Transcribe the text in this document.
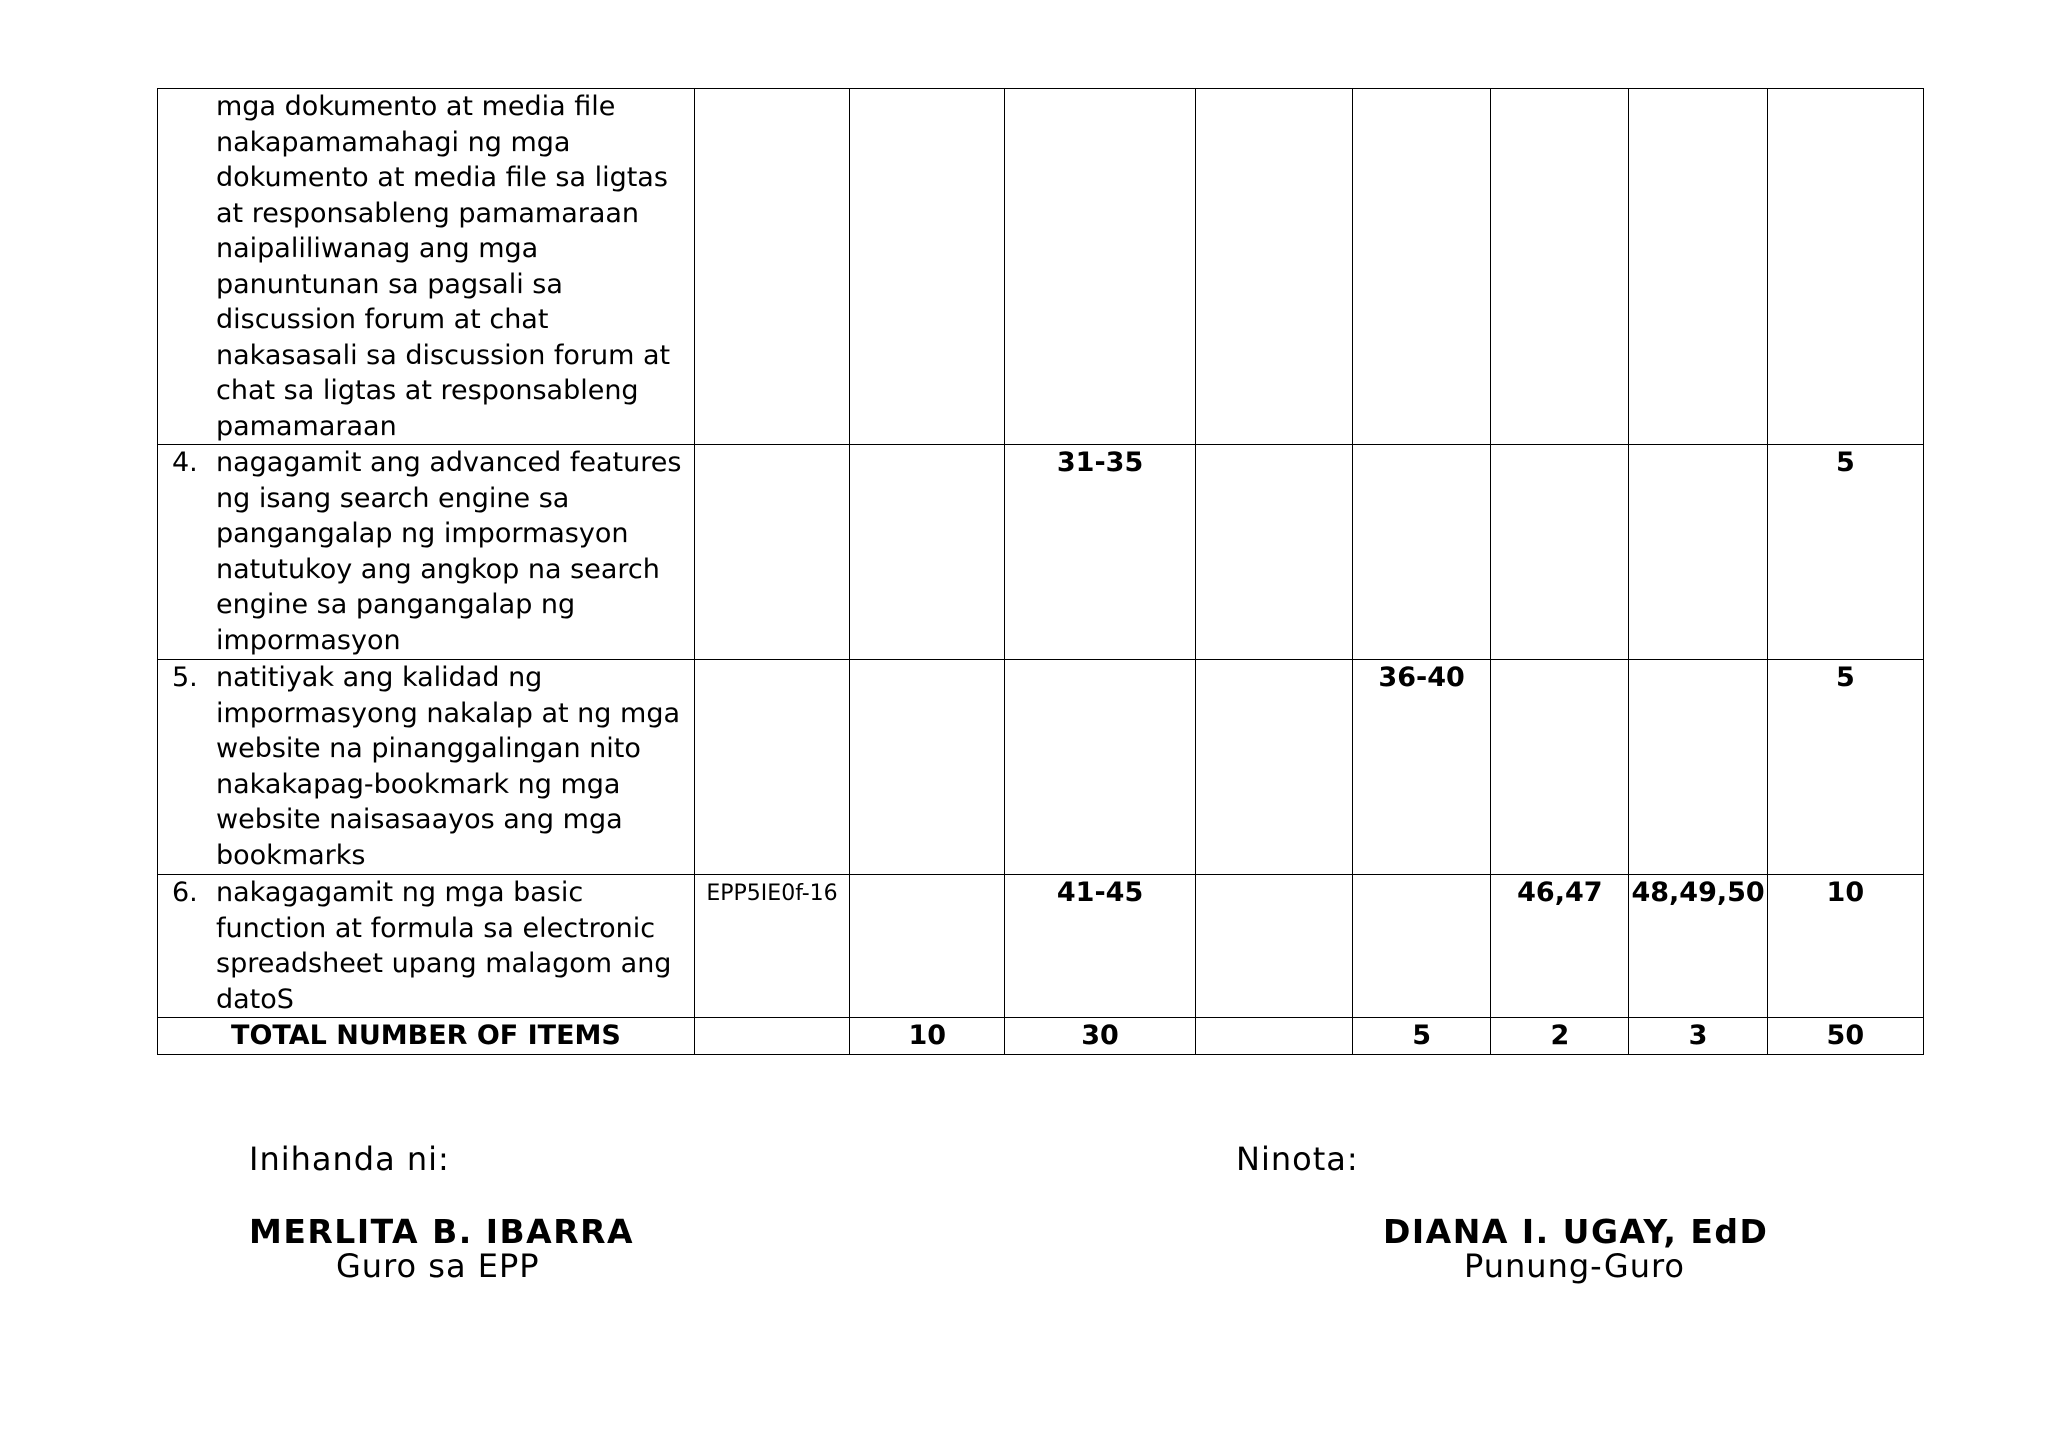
mga dokumento at media file nakapamamahagi ng mga dokumento at media file sa ligtas at responsableng pamamaraan naipaliliwanag ang mga panuntunan sa pagsali sa discussion forum at chat nakasasali sa discussion forum at chat sa ligtas at responsableng pamamaraan								

4. nagagamit ang advanced features ng isang search engine sa pangangalap ng impormasyon natutukoy ang angkop na search engine sa pangangalap ng impormasyon			31-35					5

5. natitiyak ang kalidad ng impormasyong nakalap at ng mga website na pinanggalingan nito nakakapag-bookmark ng mga website naisasaayos ang mga bookmarks					36-40			5

6. nakagagamit ng mga basic function at formula sa electronic spreadsheet upang malagom ang datoS	EPP5IE0f-16		41-45			46,47	48,49,50	10
TOTAL NUMBER OF ITEMS		10	30		5	2	3	50
Inihanda ni:
MERLITA B. IBARRA
Guro sa EPP
Ninota:
DIANA I. UGAY, EdD
Punung-Guro
